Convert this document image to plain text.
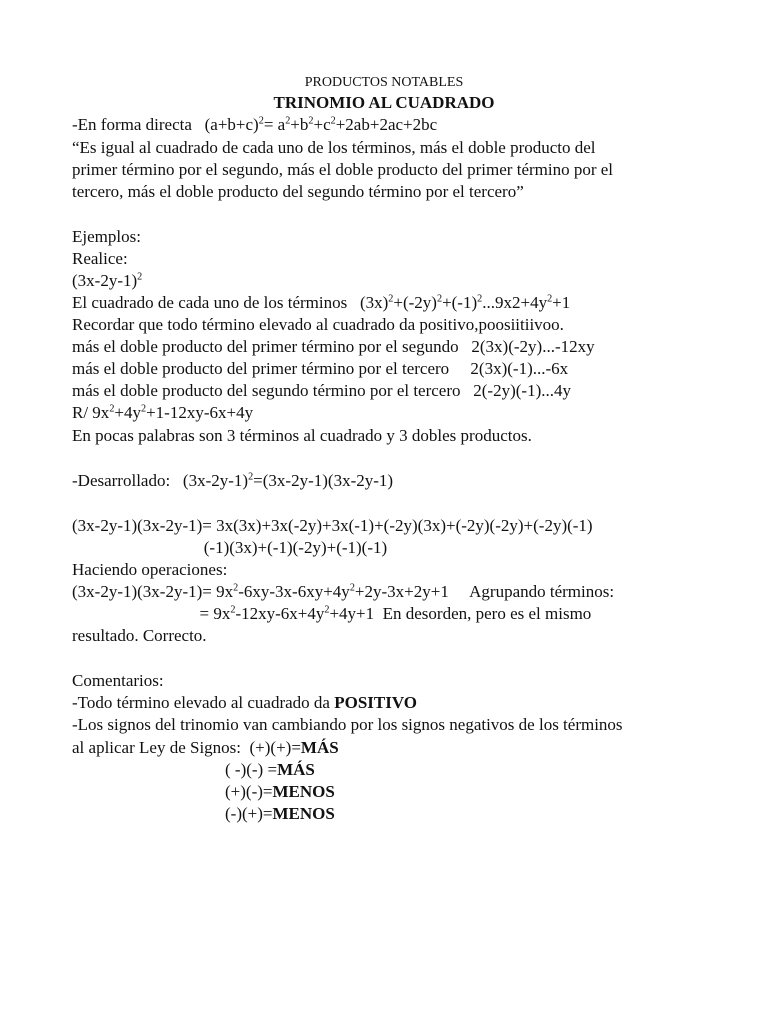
PRODUCTOS NOTABLES
TRINOMIO AL CUADRADO
-En forma directa   $(a+b+c)^2= a^2+b^2+c^2+2ab+2ac+2bc$
“Es igual al cuadrado de cada uno de los términos, más el doble producto del
primer término por el segundo, más el doble producto del primer término por el
tercero, más el doble producto del segundo término por el tercero”
Ejemplos:
Realice:
$(3x-2y-1)^2$
El cuadrado de cada uno de los términos   $(3x)^2+(-2y)^2+(-1)^2...9x2+4y^2+1$
Recordar que todo término elevado al cuadrado da positivo,poosiitiivoo.
más el doble producto del primer término por el segundo   2(3x)(-2y)...-12xy
más el doble producto del primer término por el tercero     2(3x)(-1)...-6x
más el doble producto del segundo término por el tercero   2(-2y)(-1)...4y
R/ $9x^2+4y^2+1-12xy-6x+4y$
En pocas palabras son 3 términos al cuadrado y 3 dobles productos.
-Desarrollado:   $(3x-2y-1)^2=(3x-2y-1)(3x-2y-1)$
(3x-2y-1)(3x-2y-1)= 3x(3x)+3x(-2y)+3x(-1)+(-2y)(3x)+(-2y)(-2y)+(-2y)(-1)
(-1)(3x)+(-1)(-2y)+(-1)(-1)
Haciendo operaciones:
$(3x-2y-1)(3x-2y-1)= 9x^2-6xy-3x-6xy+4y^2+2y-3x+2y+1$     Agrupando términos:
= $9x^2-12xy-6x+4y^2+4y+1$  En desorden, pero es el mismo
resultado. Correcto.
Comentarios:
-Todo término elevado al cuadrado da POSITIVO
-Los signos del trinomio van cambiando por los signos negativos de los términos
al aplicar Ley de Signos:  (+)(+)=MÁS
( -)(-) =MÁS
(+)(-)=MENOS
(-)(+)=MENOS
